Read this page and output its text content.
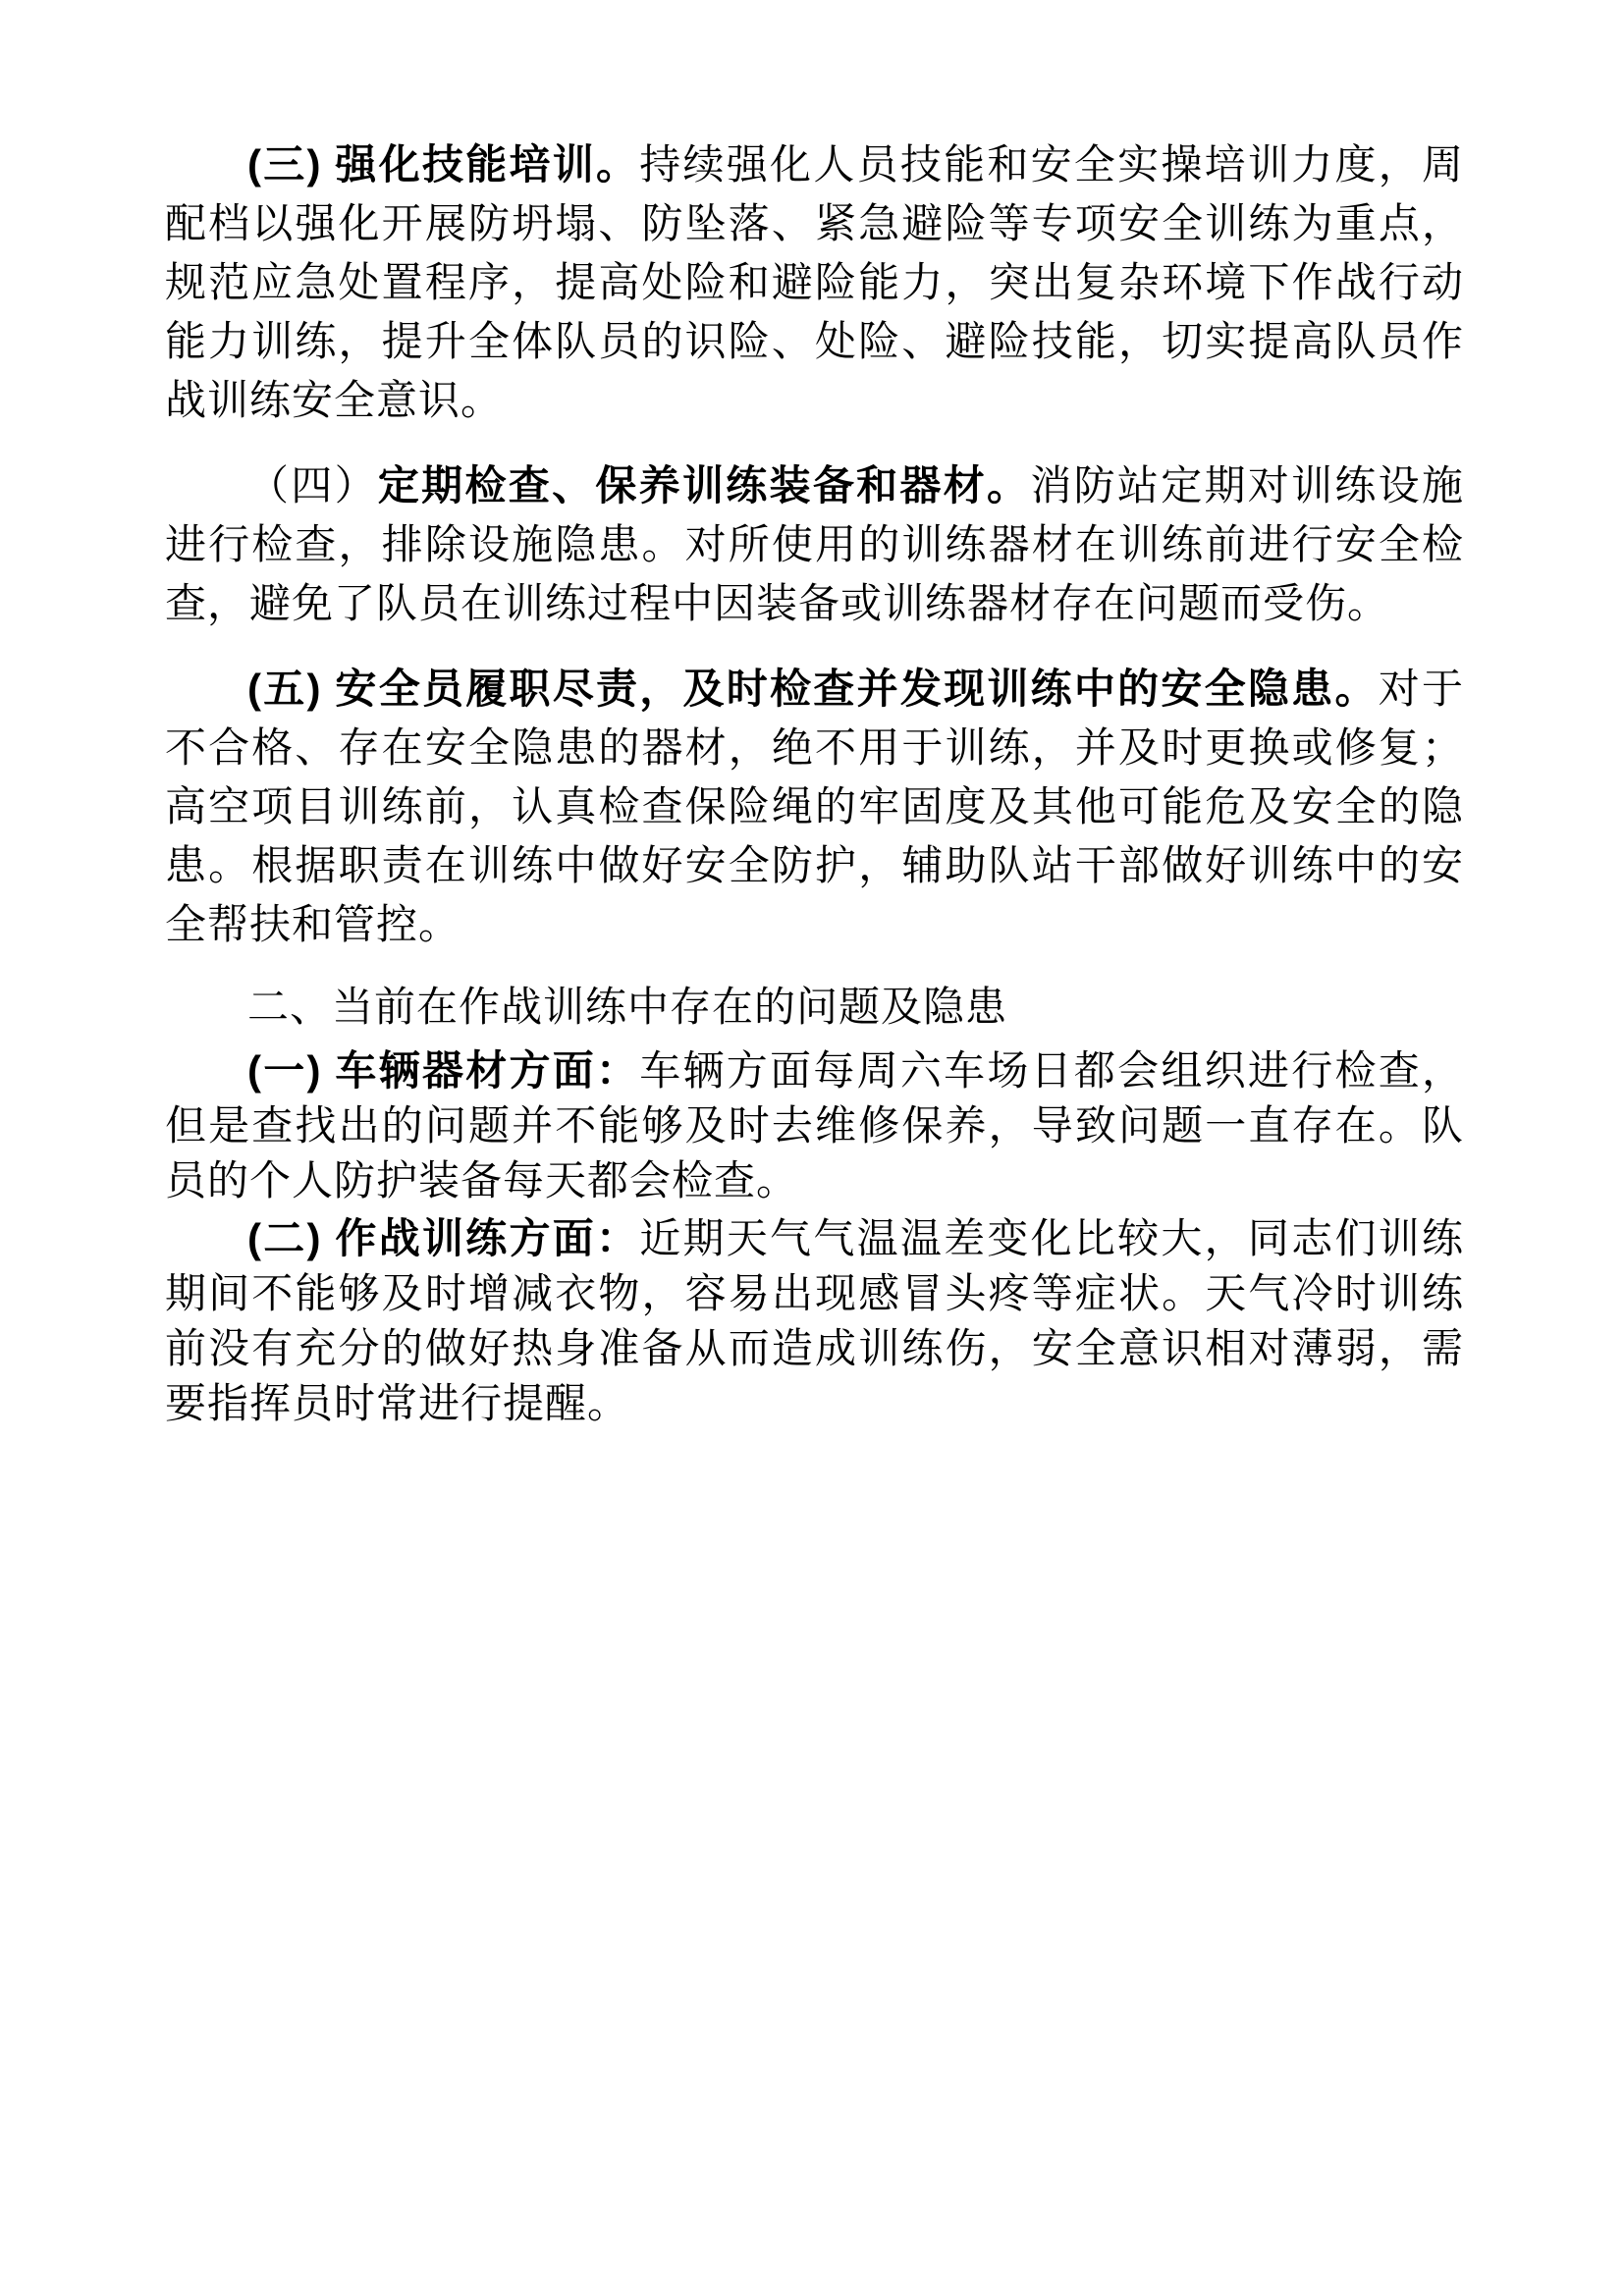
(三) 强化技能培训。持续强化人员技能和安全实操培训力度，周配档以强化开展防坍塌、防坠落、紧急避险等专项安全训练为重点，规范应急处置程序，提高处险和避险能力，突出复杂环境下作战行动能力训练，提升全体队员的识险、处险、避险技能，切实提高队员作战训练安全意识。

（四）定期检查、保养训练装备和器材。消防站定期对训练设施进行检查，排除设施隐患。对所使用的训练器材在训练前进行安全检查，避免了队员在训练过程中因装备或训练器材存在问题而受伤。

(五) 安全员履职尽责，及时检查并发现训练中的安全隐患。对于不合格、存在安全隐患的器材，绝不用于训练，并及时更换或修复；高空项目训练前，认真检查保险绳的牢固度及其他可能危及安全的隐患。根据职责在训练中做好安全防护，辅助队站干部做好训练中的安全帮扶和管控。

二、当前在作战训练中存在的问题及隐患

(一) 车辆器材方面：车辆方面每周六车场日都会组织进行检查，但是查找出的问题并不能够及时去维修保养，导致问题一直存在。队员的个人防护装备每天都会检查。

(二) 作战训练方面：近期天气气温温差变化比较大，同志们训练期间不能够及时增减衣物，容易出现感冒头疼等症状。天气冷时训练前没有充分的做好热身准备从而造成训练伤，安全意识相对薄弱，需要指挥员时常进行提醒。
